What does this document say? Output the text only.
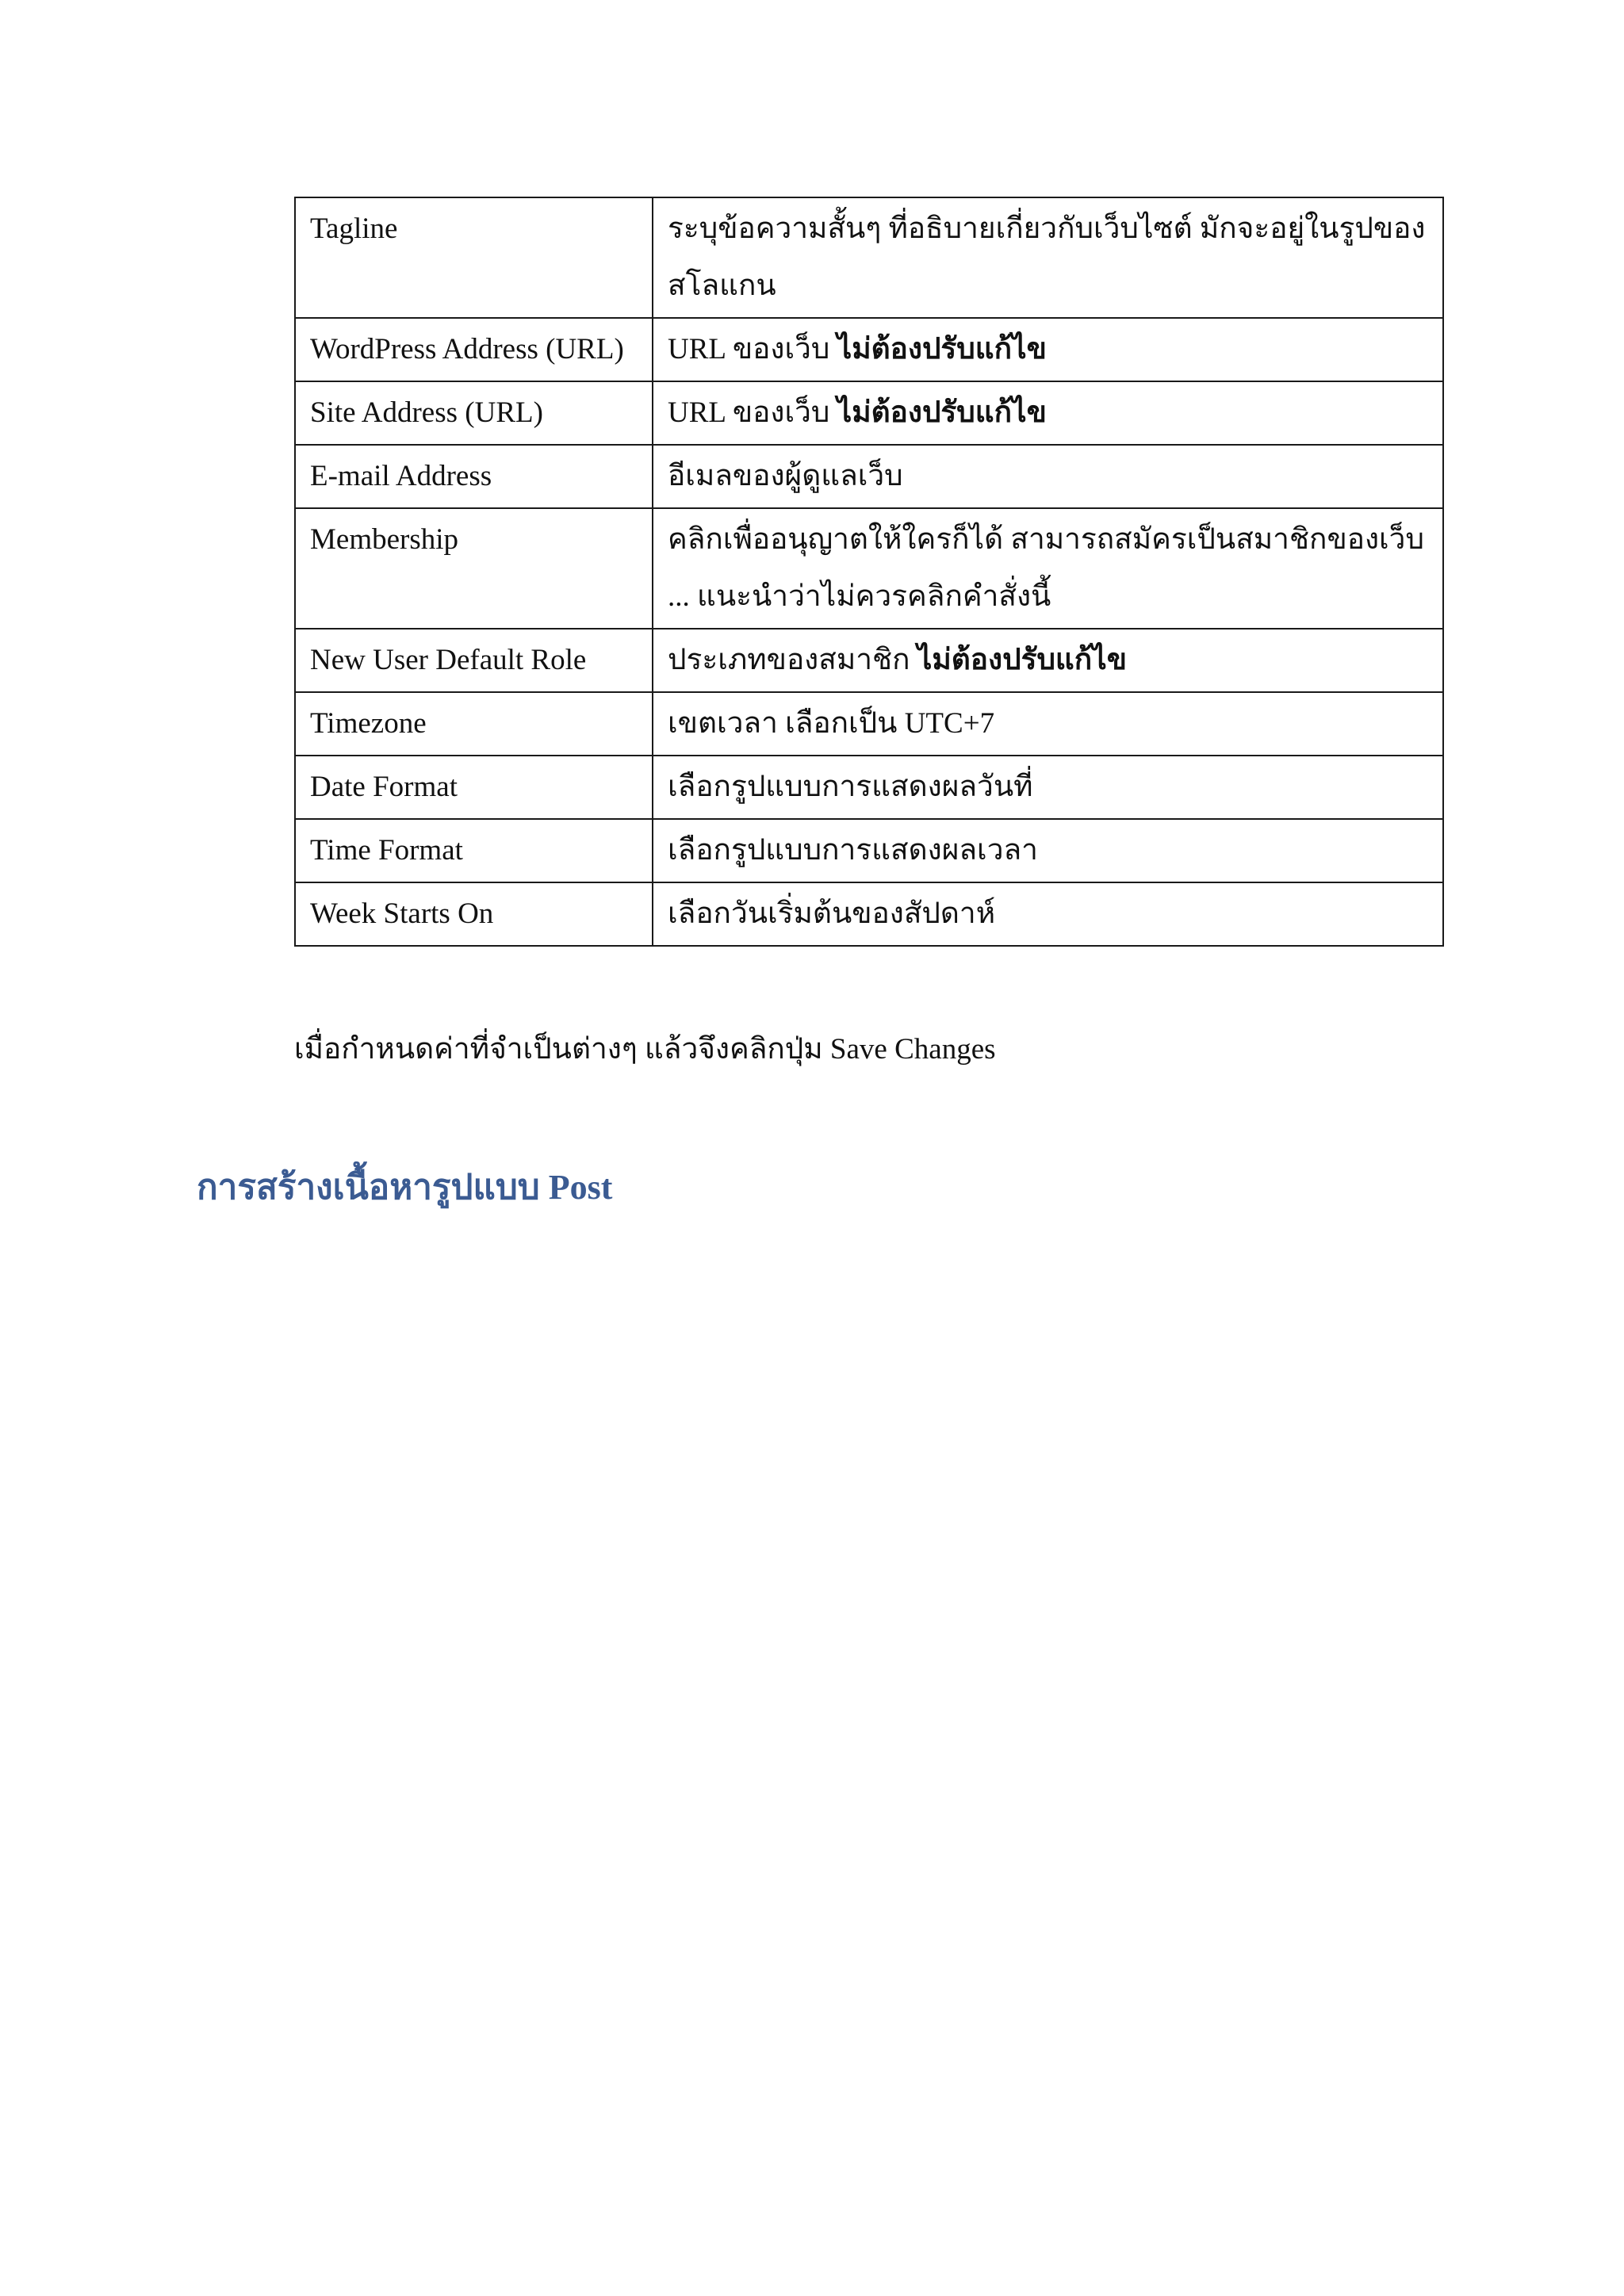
Tagline	ระบุข้อความสั้นๆ ที่อธิบายเกี่ยวกับเว็บไซต์ มักจะอยู่ในรูปของสโลแกน
WordPress Address (URL)	URL ของเว็บ ไม่ต้องปรับแก้ไข
Site Address (URL)	URL ของเว็บ ไม่ต้องปรับแก้ไข
E-mail Address	อีเมลของผู้ดูแลเว็บ
Membership	คลิกเพื่ออนุญาตให้ใครก็ได้ สามารถสมัครเป็นสมาชิกของเว็บ ... แนะนำว่าไม่ควรคลิกคำสั่งนี้
New User Default Role	ประเภทของสมาชิก ไม่ต้องปรับแก้ไข
Timezone	เขตเวลา เลือกเป็น UTC+7
Date Format	เลือกรูปแบบการแสดงผลวันที่
Time Format	เลือกรูปแบบการแสดงผลเวลา
Week Starts On	เลือกวันเริ่มต้นของสัปดาห์

เมื่อกำหนดค่าที่จำเป็นต่างๆ แล้วจึงคลิกปุ่ม Save Changes

การสร้างเนื้อหารูปแบบ Post
